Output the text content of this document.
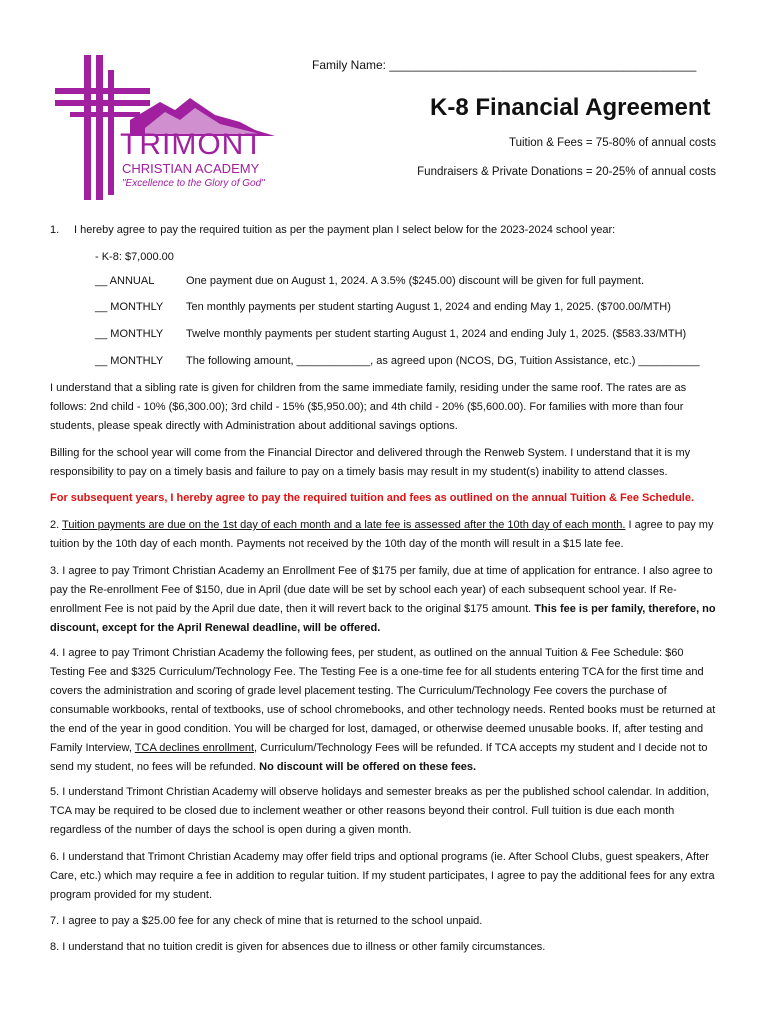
TRIMONT
CHRISTIAN ACADEMY
"Excellence to the Glory of God"
Family Name: ______________________________________________
K-8 Financial Agreement
Tuition & Fees = 75-80% of annual costs
Fundraisers & Private Donations = 20-25% of annual costs
1. I hereby agree to pay the required tuition as per the payment plan I select below for the 2023-2024 school year:
- K-8: $7,000.00
__ ANNUAL	One payment due on August 1, 2024. A 3.5% ($245.00) discount will be given for full payment.
__ MONTHLY Ten monthly payments per student starting August 1, 2024 and ending May 1, 2025. ($700.00/MTH)
__ MONTHLY Twelve monthly payments per student starting August 1, 2024 and ending July 1, 2025. ($583.33/MTH)
__ MONTHLY The following amount, ____________, as agreed upon (NCOS, DG, Tuition Assistance, etc.) __________
I understand that a sibling rate is given for children from the same immediate family, residing under the same roof. The rates are as follows: 2nd child - 10% ($6,300.00); 3rd child - 15% ($5,950.00); and 4th child - 20% ($5,600.00). For families with more than four students, please speak directly with Administration about additional savings options.
Billing for the school year will come from the Financial Director and delivered through the Renweb System. I understand that it is my responsibility to pay on a timely basis and failure to pay on a timely basis may result in my student(s) inability to attend classes.
For subsequent years, I hereby agree to pay the required tuition and fees as outlined on the annual Tuition & Fee Schedule.
2. Tuition payments are due on the 1st day of each month and a late fee is assessed after the 10th day of each month. I agree to pay my tuition by the 10th day of each month. Payments not received by the 10th day of the month will result in a $15 late fee.
3. I agree to pay Trimont Christian Academy an Enrollment Fee of $175 per family, due at time of application for entrance. I also agree to pay the Re-enrollment Fee of $150, due in April (due date will be set by school each year) of each subsequent school year. If Re-enrollment Fee is not paid by the April due date, then it will revert back to the original $175 amount. This fee is per family, therefore, no discount, except for the April Renewal deadline, will be offered.
4. I agree to pay Trimont Christian Academy the following fees, per student, as outlined on the annual Tuition & Fee Schedule: $60 Testing Fee and $325 Curriculum/Technology Fee. The Testing Fee is a one-time fee for all students entering TCA for the first time and covers the administration and scoring of grade level placement testing. The Curriculum/Technology Fee covers the purchase of consumable workbooks, rental of textbooks, use of school chromebooks, and other technology needs. Rented books must be returned at the end of the year in good condition. You will be charged for lost, damaged, or otherwise deemed unusable books. If, after testing and Family Interview, TCA declines enrollment, Curriculum/Technology Fees will be refunded. If TCA accepts my student and I decide not to send my student, no fees will be refunded. No discount will be offered on these fees.
5. I understand Trimont Christian Academy will observe holidays and semester breaks as per the published school calendar. In addition, TCA may be required to be closed due to inclement weather or other reasons beyond their control. Full tuition is due each month regardless of the number of days the school is open during a given month.
6. I understand that Trimont Christian Academy may offer field trips and optional programs (ie. After School Clubs, guest speakers, After Care, etc.) which may require a fee in addition to regular tuition. If my student participates, I agree to pay the additional fees for any extra program provided for my student.
7. I agree to pay a $25.00 fee for any check of mine that is returned to the school unpaid.
8. I understand that no tuition credit is given for absences due to illness or other family circumstances.
